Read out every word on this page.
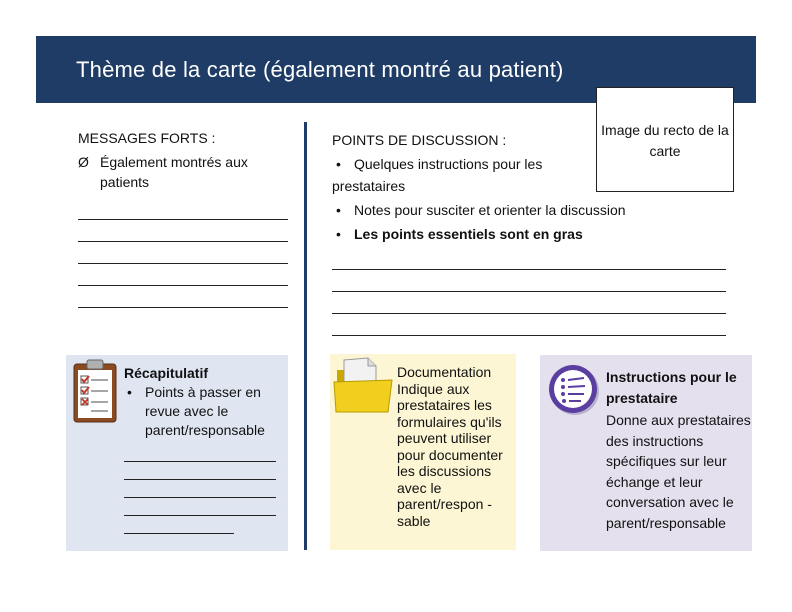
Thème de la carte (également montré au patient)
Image du recto de la carte
MESSAGES FORTS :
Ø Également montrés aux patients
POINTS DE DISCUSSION :
• Quelques instructions pour les
prestataires
• Notes pour susciter et orienter la discussion
• Les points essentiels sont en gras
Récapitulatif
• Points à passer en revue avec le parent/responsable
Documentation
Indique aux prestataires les formulaires qu'ils peuvent utiliser pour documenter les discussions avec le parent/respon -sable
Instructions pour le prestataire
Donne aux prestataires des instructions spécifiques sur leur échange et leur conversation avec le parent/responsable
